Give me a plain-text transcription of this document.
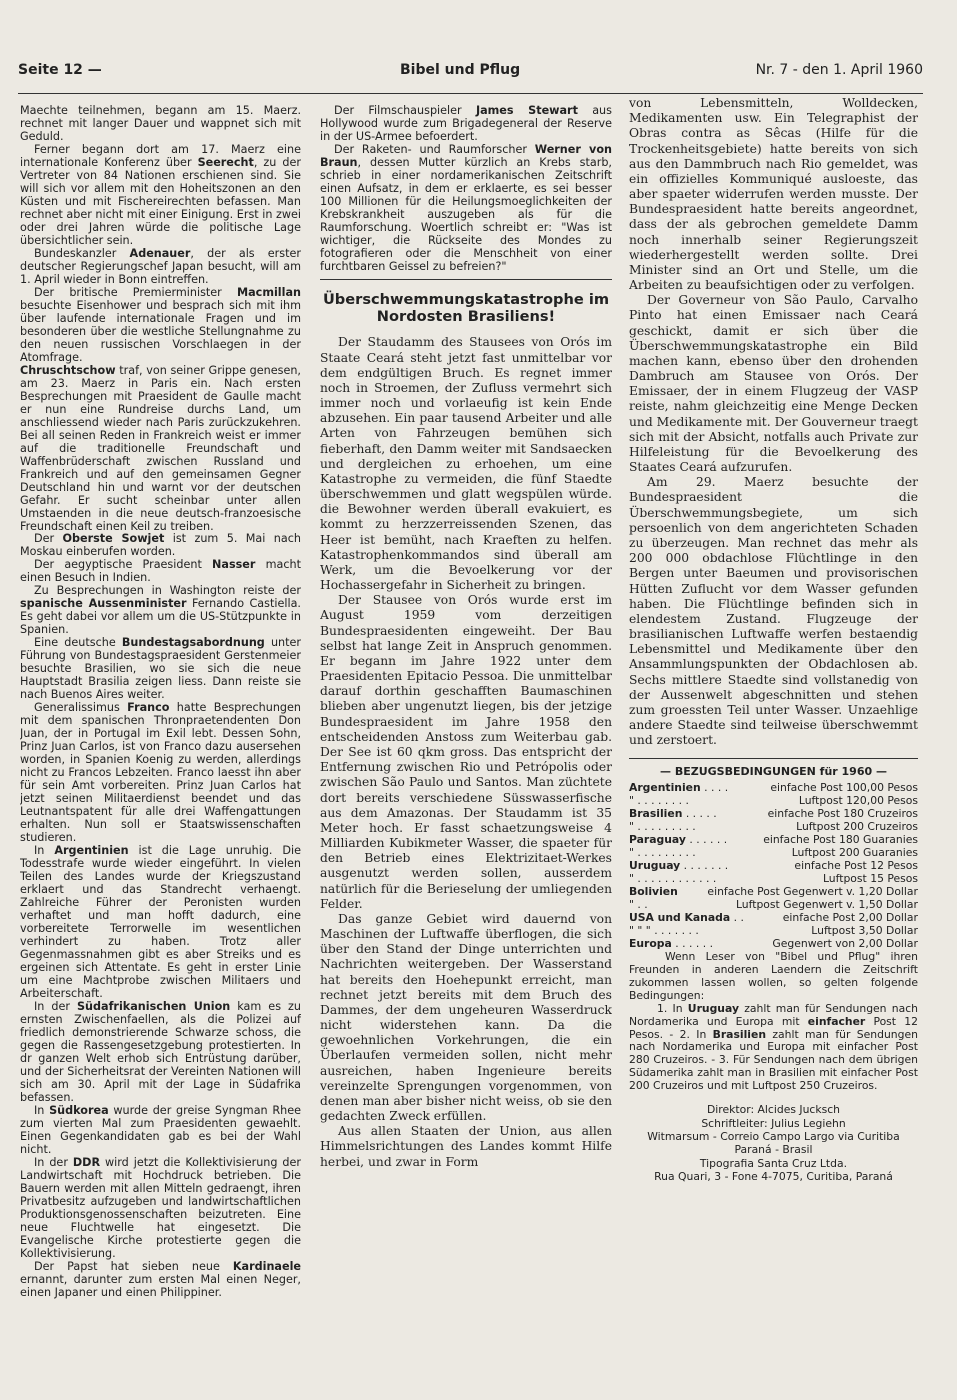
Seite 12 —	Bibel und Pflug	Nr. 7 - den 1. April 1960

Maechte teilnehmen, begann am 15. Maerz. rechnet mit langer Dauer und wappnet sich mit Geduld.

Ferner begann dort am 17. Maerz eine internationale Konferenz über Seerecht, zu der Vertreter von 84 Nationen erschienen sind. Sie will sich vor allem mit den Hoheitszonen an den Küsten und mit Fischereirechten befassen. Man rechnet aber nicht mit einer Einigung. Erst in zwei oder drei Jahren würde die politische Lage übersichtlicher sein.

Bundeskanzler Adenauer, der als erster deutscher Regierungschef Japan besucht, will am 1. April wieder in Bonn eintreffen.

Der britische Premierminister Macmillan besuchte Eisenhower und besprach sich mit ihm über laufende internationale Fragen und im besonderen über die westliche Stellungnahme zu den neuen russischen Vorschlaegen in der Atomfrage.

Chruschtschow traf, von seiner Grippe genesen, am 23. Maerz in Paris ein. Nach ersten Besprechungen mit Praesident de Gaulle macht er nun eine Rundreise durchs Land, um anschliessend wieder nach Paris zurückzukehren. Bei all seinen Reden in Frankreich weist er immer auf die traditionelle Freundschaft und Waffenbrüderschaft zwischen Russland und Frankreich und auf den gemeinsamen Gegner Deutschland hin und warnt vor der deutschen Gefahr. Er sucht scheinbar unter allen Umstaenden in die neue deutsch-franzoesische Freundschaft einen Keil zu treiben.

Der Oberste Sowjet ist zum 5. Mai nach Moskau einberufen worden.

Der aegyptische Praesident Nasser macht einen Besuch in Indien.

Zu Besprechungen in Washington reiste der spanische Aussenminister Fernando Castiella. Es geht dabei vor allem um die US-Stützpunkte in Spanien.

Eine deutsche Bundestagsabordnung unter Führung von Bundestagspraesident Gerstenmeier besuchte Brasilien, wo sie sich die neue Hauptstadt Brasilia zeigen liess. Dann reiste sie nach Buenos Aires weiter.

Generalissimus Franco hatte Besprechungen mit dem spanischen Thronpraetendenten Don Juan, der in Portugal im Exil lebt. Dessen Sohn, Prinz Juan Carlos, ist von Franco dazu ausersehen worden, in Spanien Koenig zu werden, allerdings nicht zu Francos Lebzeiten. Franco laesst ihn aber für sein Amt vorbereiten. Prinz Juan Carlos hat jetzt seinen Militaerdienst beendet und das Leutnantspatent für alle drei Waffengattungen erhalten. Nun soll er Staatswissenschaften studieren.

In Argentinien ist die Lage unruhig. Die Todesstrafe wurde wieder eingeführt. In vielen Teilen des Landes wurde der Kriegszustand erklaert und das Standrecht verhaengt. Zahlreiche Führer der Peronisten wurden verhaftet und man hofft dadurch, eine vorbereitete Terrorwelle im wesentlichen verhindert zu haben. Trotz aller Gegenmassnahmen gibt es aber Streiks und es ergeinen sich Attentate. Es geht in erster Linie um eine Machtprobe zwischen Militaers und Arbeiterschaft.

In der Südafrikanischen Union kam es zu ernsten Zwischenfaellen, als die Polizei auf friedlich demonstrierende Schwarze schoss, die gegen die Rassengesetzgebung protestierten. In dr ganzen Welt erhob sich Entrüstung darüber, und der Sicherheitsrat der Vereinten Nationen will sich am 30. April mit der Lage in Südafrika befassen.

In Südkorea wurde der greise Syngman Rhee zum vierten Mal zum Praesidenten gewaehlt. Einen Gegenkandidaten gab es bei der Wahl nicht.

In der DDR wird jetzt die Kollektivisierung der Landwirtschaft mit Hochdruck betrieben. Die Bauern werden mit allen Mitteln gedraengt, ihren Privatbesitz aufzugeben und landwirtschaftlichen Produktionsgenossenschaften beizutreten. Eine neue Fluchtwelle hat eingesetzt. Die Evangelische Kirche protestierte gegen die Kollektivisierung.

Der Papst hat sieben neue Kardinaele ernannt, darunter zum ersten Mal einen Neger, einen Japaner und einen Philippiner.

Der Filmschauspieler James Stewart aus Hollywood wurde zum Brigadegeneral der Reserve in der US-Armee befoerdert.

Der Raketen- und Raumforscher Werner von Braun, dessen Mutter kürzlich an Krebs starb, schrieb in einer nordamerikanischen Zeitschrift einen Aufsatz, in dem er erklaerte, es sei besser 100 Millionen für die Heilungsmoeglichkeiten der Krebskrankheit auszugeben als für die Raumforschung. Woertlich schreibt er: "Was ist wichtiger, die Rückseite des Mondes zu fotografieren oder die Menschheit von einer furchtbaren Geissel zu befreien?"

Überschwemmungskatastrophe im Nordosten Brasiliens!

Der Staudamm des Stausees von Orós im Staate Ceará steht jetzt fast unmittelbar vor dem endgültigen Bruch. Es regnet immer noch in Stroemen, der Zufluss vermehrt sich immer noch und vorlaeufig ist kein Ende abzusehen. Ein paar tausend Arbeiter und alle Arten von Fahrzeugen bemühen sich fieberhaft, den Damm weiter mit Sandsaecken und dergleichen zu erhoehen, um eine Katastrophe zu vermeiden, die fünf Staedte überschwemmen und glatt wegspülen würde. die Bewohner werden überall evakuiert, es kommt zu herzzerreissenden Szenen, das Heer ist bemüht, nach Kraeften zu helfen. Katastrophenkommandos sind überall am Werk, um die Bevoelkerung vor der Hochassergefahr in Sicherheit zu bringen.

Der Stausee von Orós wurde erst im August 1959 vom derzeitigen Bundespraesidenten eingeweiht. Der Bau selbst hat lange Zeit in Anspruch genommen. Er begann im Jahre 1922 unter dem Praesidenten Epitacio Pessoa. Die unmittelbar darauf dorthin geschafften Baumaschinen blieben aber ungenutzt liegen, bis der jetzige Bundespraesident im Jahre 1958 den entscheidenden Anstoss zum Weiterbau gab. Der See ist 60 qkm gross. Das entspricht der Entfernung zwischen Rio und Petrópolis oder zwischen São Paulo und Santos. Man züchtete dort bereits verschiedene Süsswasserfische aus dem Amazonas. Der Staudamm ist 35 Meter hoch. Er fasst schaetzungsweise 4 Milliarden Kubikmeter Wasser, die spaeter für den Betrieb eines Elektrizitaet-Werkes ausgenutzt werden sollen, ausserdem natürlich für die Berieselung der umliegenden Felder.

Das ganze Gebiet wird dauernd von Maschinen der Luftwaffe überflogen, die sich über den Stand der Dinge unterrichten und Nachrichten weitergeben. Der Wasserstand hat bereits den Hoehepunkt erreicht, man rechnet jetzt bereits mit dem Bruch des Dammes, der dem ungeheuren Wasserdruck nicht widerstehen kann. Da die gewoehnlichen Vorkehrungen, die ein Überlaufen vermeiden sollen, nicht mehr ausreichen, haben Ingenieure bereits vereinzelte Sprengungen vorgenommen, von denen man aber bisher nicht weiss, ob sie den gedachten Zweck erfüllen.

Aus allen Staaten der Union, aus allen Himmelsrichtungen des Landes kommt Hilfe herbei, und zwar in Form

von Lebensmitteln, Wolldecken, Medikamenten usw. Ein Telegraphist der Obras contra as Sêcas (Hilfe für die Trockenheitsgebiete) hatte bereits von sich aus den Dammbruch nach Rio gemeldet, was ein offizielles Kommuniqué ausloeste, das aber spaeter widerrufen werden musste. Der Bundespraesident hatte bereits angeordnet, dass der als gebrochen gemeldete Damm noch innerhalb seiner Regierungszeit wiederhergestellt werden sollte. Drei Minister sind an Ort und Stelle, um die Arbeiten zu beaufsichtigen oder zu verfolgen.

Der Governeur von São Paulo, Carvalho Pinto hat einen Emissaer nach Ceará geschickt, damit er sich über die Überschwemmungskatastrophe ein Bild machen kann, ebenso über den drohenden Dambruch am Stausee von Orós. Der Emissaer, der in einem Flugzeug der VASP reiste, nahm gleichzeitig eine Menge Decken und Medikamente mit. Der Gouverneur traegt sich mit der Absicht, notfalls auch Private zur Hilfeleistung für die Bevoelkerung des Staates Ceará aufzurufen.

Am 29. Maerz besuchte der Bundespraesident die Überschwemmungsbegiete, um sich persoenlich von dem angerichteten Schaden zu überzeugen. Man rechnet das mehr als 200 000 obdachlose Flüchtlinge in den Bergen unter Baeumen und provisorischen Hütten Zuflucht vor dem Wasser gefunden haben. Die Flüchtlinge befinden sich in elendestem Zustand. Flugzeuge der brasilianischen Luftwaffe werfen bestaendig Lebensmittel und Medikamente über den Ansammlungspunkten der Obdachlosen ab. Sechs mittlere Staedte sind vollstanedig von der Aussenwelt abgeschnitten und stehen zum groessten Teil unter Wasser. Unzaehlige andere Staedte sind teilweise überschwemmt und zerstoert.

— BEZUGSBEDINGUNGEN für 1960 —
Argentinien . . . .	einfache Post 100,00 Pesos
" . . . . . . . .	Luftpost 120,00 Pesos
Brasilien . . . . .	einfache Post 180 Cruzeiros
" . . . . . . . . .	Luftpost 200 Cruzeiros
Paraguay . . . . . .	einfache Post 180 Guaranies
" . . . . . . . . .	Luftpost 200 Guaranies
Uruguay . . . . . . .	einfache Post 12 Pesos
" . . . . . . . . . . . .	Luftpost 15 Pesos
Bolivien	einfache Post Gegenwert v. 1,20 Dollar
" . .	Luftpost Gegenwert v. 1,50 Dollar
USA und Kanada . .	einfache Post 2,00 Dollar
" " " . . . . . . .	Luftpost 3,50 Dollar
Europa . . . . . .	Gegenwert von 2,00 Dollar

Wenn Leser von "Bibel und Pflug" ihren Freunden in anderen Laendern die Zeitschrift zukommen lassen wollen, so gelten folgende Bedingungen:

1. In Uruguay zahlt man für Sendungen nach Nordamerika und Europa mit einfacher Post 12 Pesos. - 2. In Brasilien zahlt man für Sendungen nach Nordamerika und Europa mit einfacher Post 280 Cruzeiros. - 3. Für Sendungen nach dem übrigen Südamerika zahlt man in Brasilien mit einfacher Post 200 Cruzeiros und mit Luftpost 250 Cruzeiros.

Direktor: Alcides Jucksch
Schriftleiter: Julius Legiehn
Witmarsum - Correio Campo Largo via Curitiba
Paraná - Brasil
Tipografia Santa Cruz Ltda.
Rua Quari, 3 - Fone 4-7075, Curitiba, Paraná
